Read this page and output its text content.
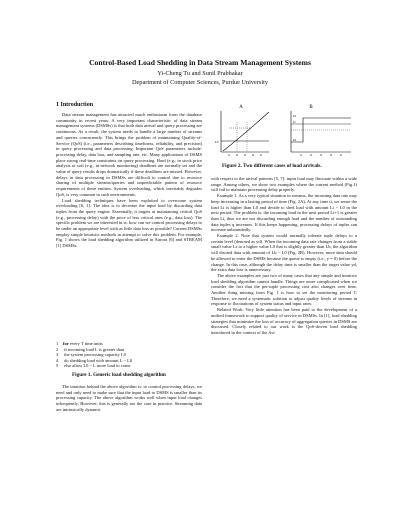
Control-Based Load Shedding in Data Stream Management Systems
Yi-Cheng Tu and Sunil Prabhakar
Department of Computer Sciences, Purdue University
1 Introduction

Data stream management has attracted much enthusiasm from the database community in recent years. A very important characteristic of data stream management systems (DSMSs) is that both data arrival and query processing are continuous. As a result, the system needs to handle a large number of streams and queries concurrently. This brings the problem of maintaining Quality-of-Service (QoS) (i.e., parameters describing timeliness, reliability, and precision) in query processing and data processing. Important QoS parameters include: processing delay, data loss, and sampling rate, etc. Many applications of DSMS place strong real-time constraints on query processing. Hard (e.g., in stock price analysis or soft (e.g., in network monitoring) deadlines are normally set and the value of query results drops dramatically if these deadlines are missed. However, delays in data processing in DSMSs are difficult to control due to resource sharing of multiple streams/queries and unpredictable pattern of resource requirements of these entities. System overloading, which inevitably degrades QoS, is very common in such environments.

Load shedding techniques have been exploited to overcome system overloading [6, 1]. The idea is to decrease the input load by discarding data tuples from the query engine. Essentially, it targets at maintaining critical QoS (e.g., processing delay) with the price of less critical ones (e.g., data loss). The specific problem we are interested in is: how can we control processing delays to be under an appropriate level with as little data loss as possible? Current DSMSs employ simple heuristic methods in attempt to solve this problem. For example, Fig. 1 shows the load shedding algorithm utilized in Aurora [6] and STREAM [1] DSMSs.

1 for every T time units
2 if incoming load L is greater than
3 the system processing capacity L0
4 do shedding load with amount L − L0
5 else allow L0 − L more load to come
Figure 1. Generic load shedding algorithm

The intuition behind the above algorithm is: to control processing delays, we need and only need to make sure that the input load to DSMS is smaller than its processing capacity. The above algorithm works well when input load changes infrequently. However, this is generally not the case in practice. Streaming data are intrinsically dynamic

A
L0
t1 t2 t3 t4 t5
B
Lb
Lc
Ld
t1	t2	t3	t4	t5
Figure 2. Two different cases of load arrivals.

with respect to the arrival patterns [5, 7]: input load may fluctuate within a wide range. Among others, we show two examples where the current method (Fig.1) will fail to maintain processing delay properly.

Example 1. As a very typical situation in streams, the incoming data rate may keep increasing in a lasting period of time (Fig. 2A). At any time ti, we sense the load Li is higher than L0 and decide to shed load with amount Li − L0 in the next period. The problem is: the incoming load in the next period Li+1 is greater than Li, thus we are not discarding enough load and the number of outstanding data tuples q increases. If this keeps happening, processing delays of tuples can increase unboundedly.

Example 2. Note that system would normally tolerate tuple delays to a certain level (denoted as yd). When the incoming data rate changes from a stable small value Ls to a higher value L0 that is slightly greater than Lb, the algorithm will discard data with amount of Lb − L0 (Fig. 2B). However, more data should be allowed to enter the DSMS because the queue is empty (i.e., y = 0) before the change. In this case, although the delay time is smaller than the target value yd, the extra data loss is unnecessary.

The above examples are just two of many cases that any simple and intuitive load shedding algorithm cannot handle. Things are more complicated when we consider the fact that the per-tuple processing cost also changes over time. Another thing missing from Fig. 1 is how to set the monitoring period T. Therefore, we need a systematic solution to adjust quality levels of streams in response to fluctuations of system status and input rates.

Related Work. Very little attention has been paid to the development of a unified framework to support quality of service in DSMSs. In [1], load shedding strategies that minimize the loss of accuracy of aggregation queries in DSMS are discussed. Closely related to our work is the QoS-driven load shedding introduced in the context of the Au-
